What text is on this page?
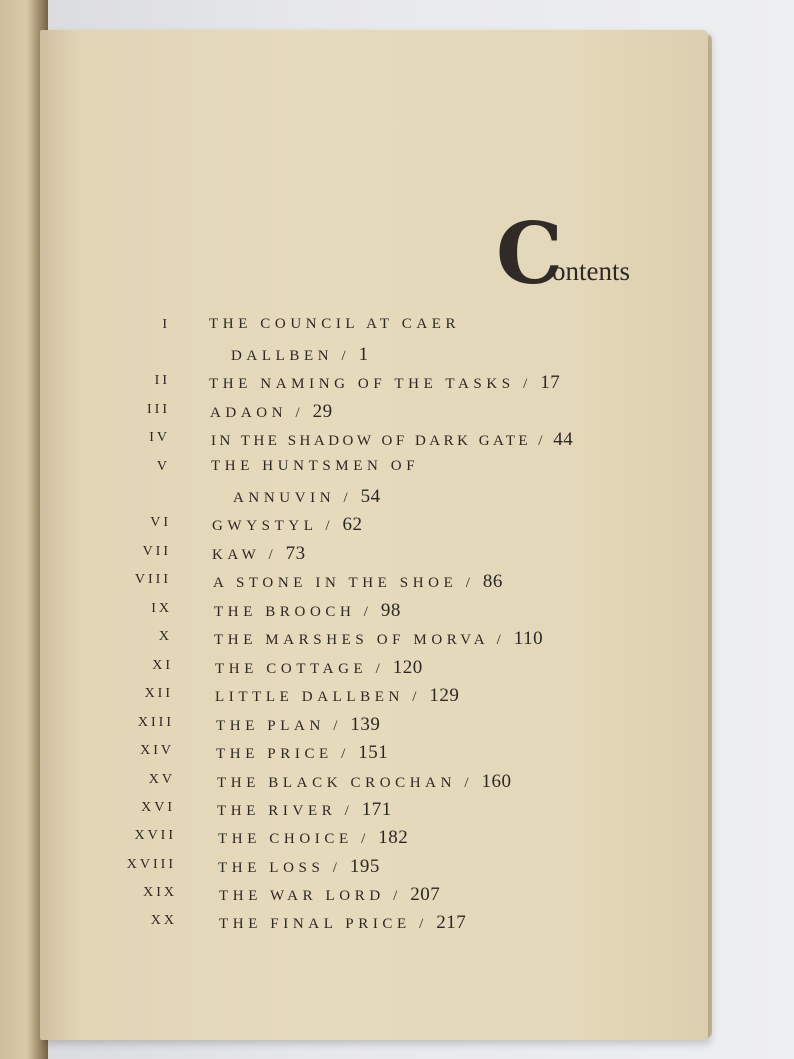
C
ontents
I	THE COUNCIL AT CAER
DALLBEN / 1
II	THE NAMING OF THE TASKS / 17
III	ADAON / 29
IV	IN THE SHADOW OF DARK GATE / 44
V	THE HUNTSMEN OF
ANNUVIN / 54
VI	GWYSTYL / 62
VII	KAW / 73
VIII	A STONE IN THE SHOE / 86
IX	THE BROOCH / 98
X	THE MARSHES OF MORVA / 110
XI	THE COTTAGE / 120
XII	LITTLE DALLBEN / 129
XIII	THE PLAN / 139
XIV	THE PRICE / 151
XV	THE BLACK CROCHAN / 160
XVI	THE RIVER / 171
XVII	THE CHOICE / 182
XVIII	THE LOSS / 195
XIX	THE WAR LORD / 207
XX	THE FINAL PRICE / 217
